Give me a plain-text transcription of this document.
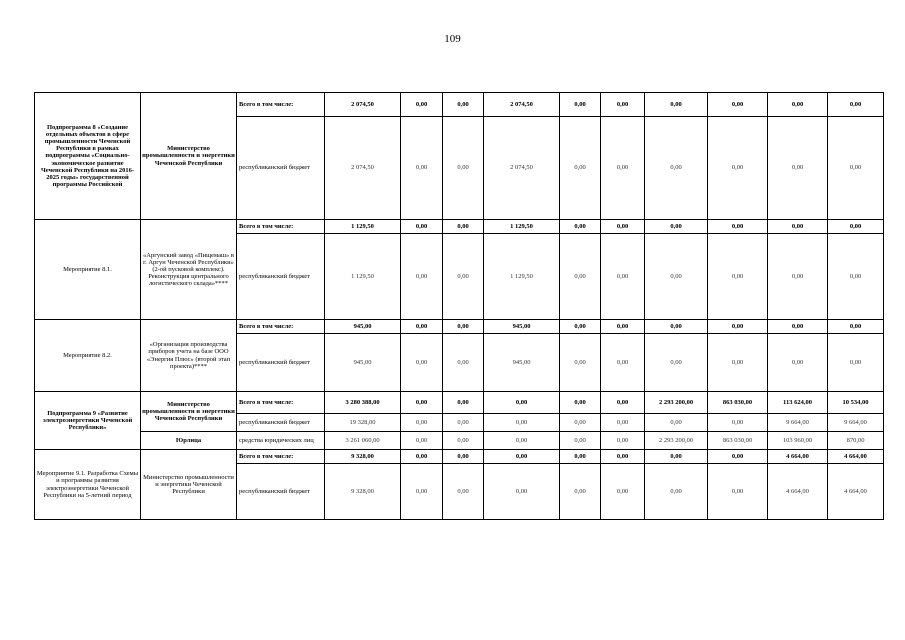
109
Подпрограмма 8 «Создание отдельных объектов в сфере промышленности Чеченской Республики в рамках подпрограммы «Социально-экономическое развитие Чеченской Республики на 2016-2025 годы» государственной программы Российской	Министерство промышленности и энергетики Чеченской Республики	Всего в том числе:	2 074,50	0,00	0,00	2 074,50	0,00	0,00	0,00	0,00	0,00	0,00
		республиканский бюджет	2 074,50	0,00	0,00	2 074,50	0,00	0,00	0,00	0,00	0,00	0,00
Мероприятие 8.1.	«Аргунский завод «Пищемаш» в г. Аргун Чеченской Республики» (2-ой пусковой комплекс). Реконструкция центрального логистического склада»****	Всего в том числе:	1 129,50	0,00	0,00	1 129,50	0,00	0,00	0,00	0,00	0,00	0,00
		республиканский бюджет	1 129,50	0,00	0,00	1 129,50	0,00	0,00	0,00	0,00	0,00	0,00
Мероприятие 8.2.	«Организация производства приборов учета на базе ООО «Энергия Плюс» (второй этап проекта)****	Всего в том числе:	945,00	0,00	0,00	945,00	0,00	0,00	0,00	0,00	0,00	0,00
		республиканский бюджет	945,00	0,00	0,00	945,00	0,00	0,00	0,00	0,00	0,00	0,00
Подпрограмма 9 «Развитие электроэнергетики Чеченской Республики»	Министерство промышленности и энергетики Чеченской Республики	Всего в том числе:	3 280 388,00	0,00	0,00	0,00	0,00	0,00	2 293 200,00	863 030,00	113 624,00	10 534,00
		республиканский бюджет	19 328,00	0,00	0,00	0,00	0,00	0,00	0,00	0,00	9 664,00	9 664,00
	Юрлица	средства юридических лиц	3 261 060,00	0,00	0,00	0,00	0,00	0,00	2 293 200,00	863 030,00	103 960,00	870,00
Мероприятие 9.1. Разработка Схемы и программы развития электроэнергетики Чеченской Республики на 5-летний период	Министерство промышленности и энергетики Чеченской Республики	Всего в том числе:	9 328,00	0,00	0,00	0,00	0,00	0,00	0,00	0,00	4 664,00	4 664,00
		республиканский бюджет	9 328,00	0,00	0,00	0,00	0,00	0,00	0,00	0,00	4 664,00	4 664,00
